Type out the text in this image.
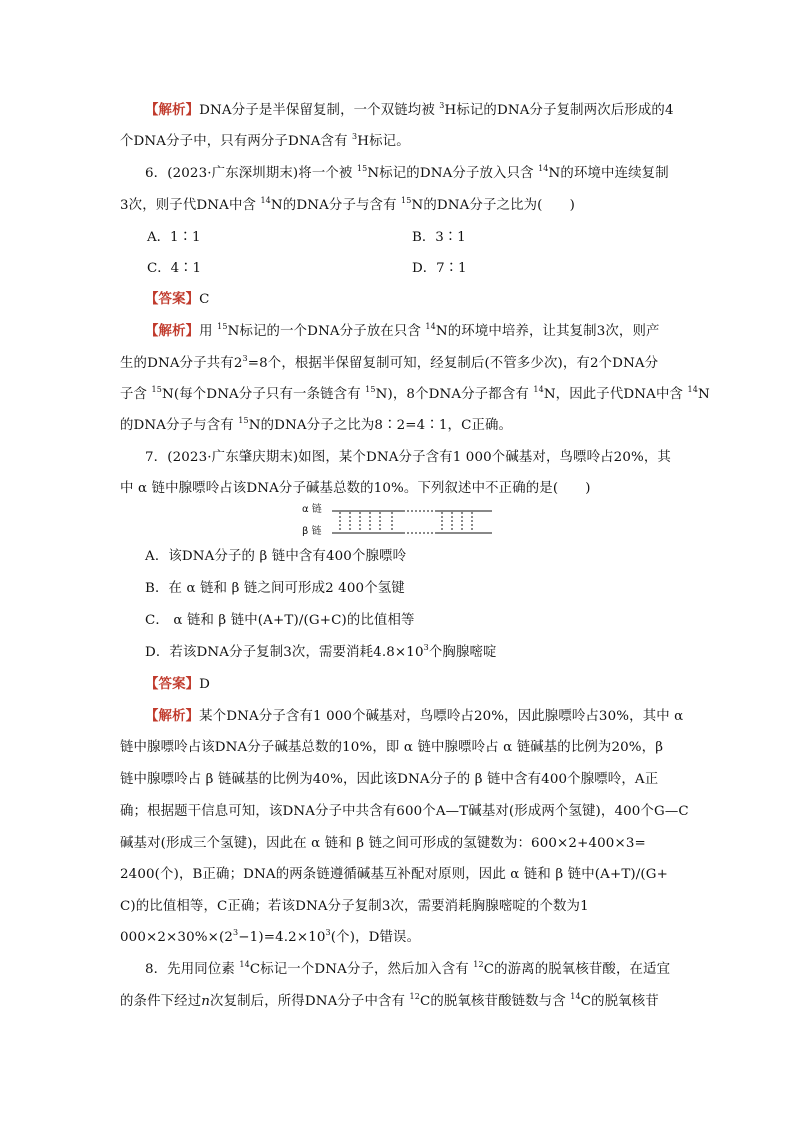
【解析】DNA分子是半保留复制，一个双链均被 $^3$H标记的DNA分子复制两次后形成的4
个DNA分子中，只有两分子DNA含有 $^3$H标记。
6．(2023·广东深圳期末)将一个被 $^{15}$N标记的DNA分子放入只含 $^{14}$N的环境中连续复制
3次，则子代DNA中含 $^{14}$N的DNA分子与含有 $^{15}$N的DNA分子之比为(　　)
A．1∶1	B．3∶1
C．4∶1	D．7∶1
【答案】C
【解析】用 $^{15}$N标记的一个DNA分子放在只含 $^{14}$N的环境中培养，让其复制3次，则产
生的DNA分子共有$2^3=8$个，根据半保留复制可知，经复制后(不管多少次)，有2个DNA分
子含 $^{15}$N(每个DNA分子只有一条链含有 $^{15}$N)，8个DNA分子都含有 $^{14}$N，因此子代DNA中含 $^{14}$N
的DNA分子与含有 $^{15}$N的DNA分子之比为8∶2=4∶1，C正确。
7．(2023·广东肇庆期末)如图，某个DNA分子含有1 000个碱基对，鸟嘌呤占20%，其
中 α 链中腺嘌呤占该DNA分子碱基总数的10%。下列叙述中不正确的是(　　)
α 链
β 链
A．该DNA分子的 β 链中含有400个腺嘌呤
B．在 α 链和 β 链之间可形成2 400个氢键
C． α 链和 β 链中(A+T)/(G+C)的比值相等
D．若该DNA分子复制3次，需要消耗$4.8\times 10^3$个胸腺嘧啶
【答案】D
【解析】某个DNA分子含有1 000个碱基对，鸟嘌呤占20%，因此腺嘌呤占30%，其中 α
链中腺嘌呤占该DNA分子碱基总数的10%，即 α 链中腺嘌呤占 α 链碱基的比例为20%，β
链中腺嘌呤占 β 链碱基的比例为40%，因此该DNA分子的 β 链中含有400个腺嘌呤，A正
确；根据题干信息可知，该DNA分子中共含有600个A—T碱基对(形成两个氢键)，400个G—C
碱基对(形成三个氢键)，因此在 α 链和 β 链之间可形成的氢键数为：600×2+400×3=
2400(个)，B正确；DNA的两条链遵循碱基互补配对原则，因此 α 链和 β 链中(A+T)/(G+
C)的比值相等，C正确；若该DNA分子复制3次，需要消耗胸腺嘧啶的个数为1
$000\times 2\times 30\%\times(2^3-1)=4.2\times 10^3$(个)，D错误。
8．先用同位素 $^{14}$C标记一个DNA分子，然后加入含有 $^{12}$C的游离的脱氧核苷酸，在适宜
的条件下经过n次复制后，所得DNA分子中含有 $^{12}$C的脱氧核苷酸链数与含 $^{14}$C的脱氧核苷
